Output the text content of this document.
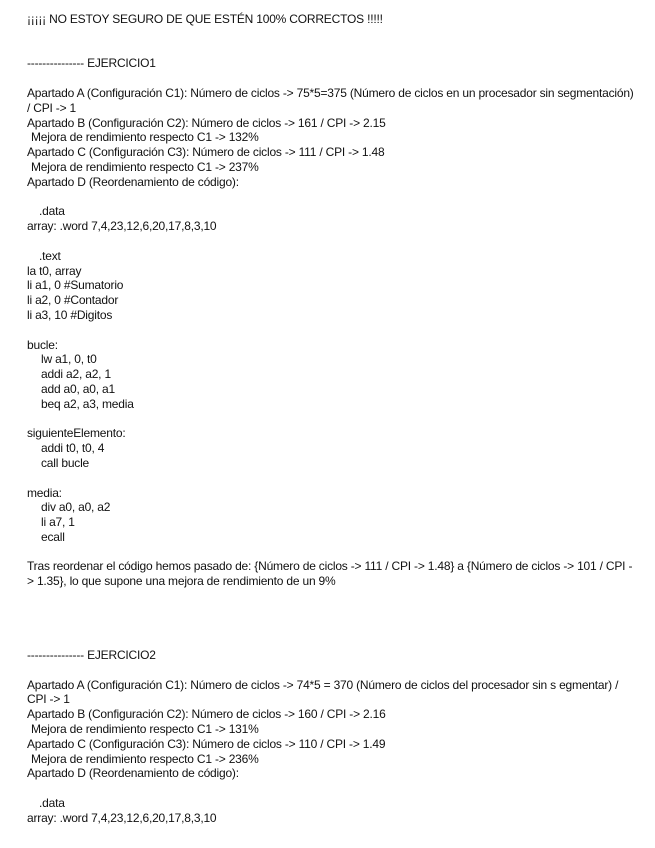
¡¡¡¡¡ NO ESTOY SEGURO DE QUE ESTÉN 100% CORRECTOS !!!!!
--------------- EJERCICIO1
Apartado A (Configuración C1): Número de ciclos -> 75*5=375 (Número de ciclos en un procesador sin segmentación) / CPI -> 1
Apartado B (Configuración C2): Número de ciclos -> 161 / CPI -> 2.15
Mejora de rendimiento respecto C1 -> 132%
Apartado C (Configuración C3): Número de ciclos -> 111 / CPI -> 1.48
Mejora de rendimiento respecto C1 -> 237%
Apartado D (Reordenamiento de código):
.data
array: .word 7,4,23,12,6,20,17,8,3,10
.text
la t0, array
li a1, 0 #Sumatorio
li a2, 0 #Contador
li a3, 10 #Digitos
bucle:
lw a1, 0, t0
addi a2, a2, 1
add a0, a0, a1
beq a2, a3, media
siguienteElemento:
addi t0, t0, 4
call bucle
media:
div a0, a0, a2
li a7, 1
ecall
Tras reordenar el código hemos pasado de: {Número de ciclos -> 111 / CPI -> 1.48} a {Número de ciclos -> 101 / CPI -> 1.35}, lo que supone una mejora de rendimiento de un 9%
--------------- EJERCICIO2
Apartado A (Configuración C1): Número de ciclos -> 74*5 = 370 (Número de ciclos del procesador sin s egmentar) / CPI -> 1
Apartado B (Configuración C2): Número de ciclos -> 160 / CPI -> 2.16
Mejora de rendimiento respecto C1 -> 131%
Apartado C (Configuración C3): Número de ciclos -> 110 / CPI -> 1.49
Mejora de rendimiento respecto C1 -> 236%
Apartado D (Reordenamiento de código):
.data
array: .word 7,4,23,12,6,20,17,8,3,10
